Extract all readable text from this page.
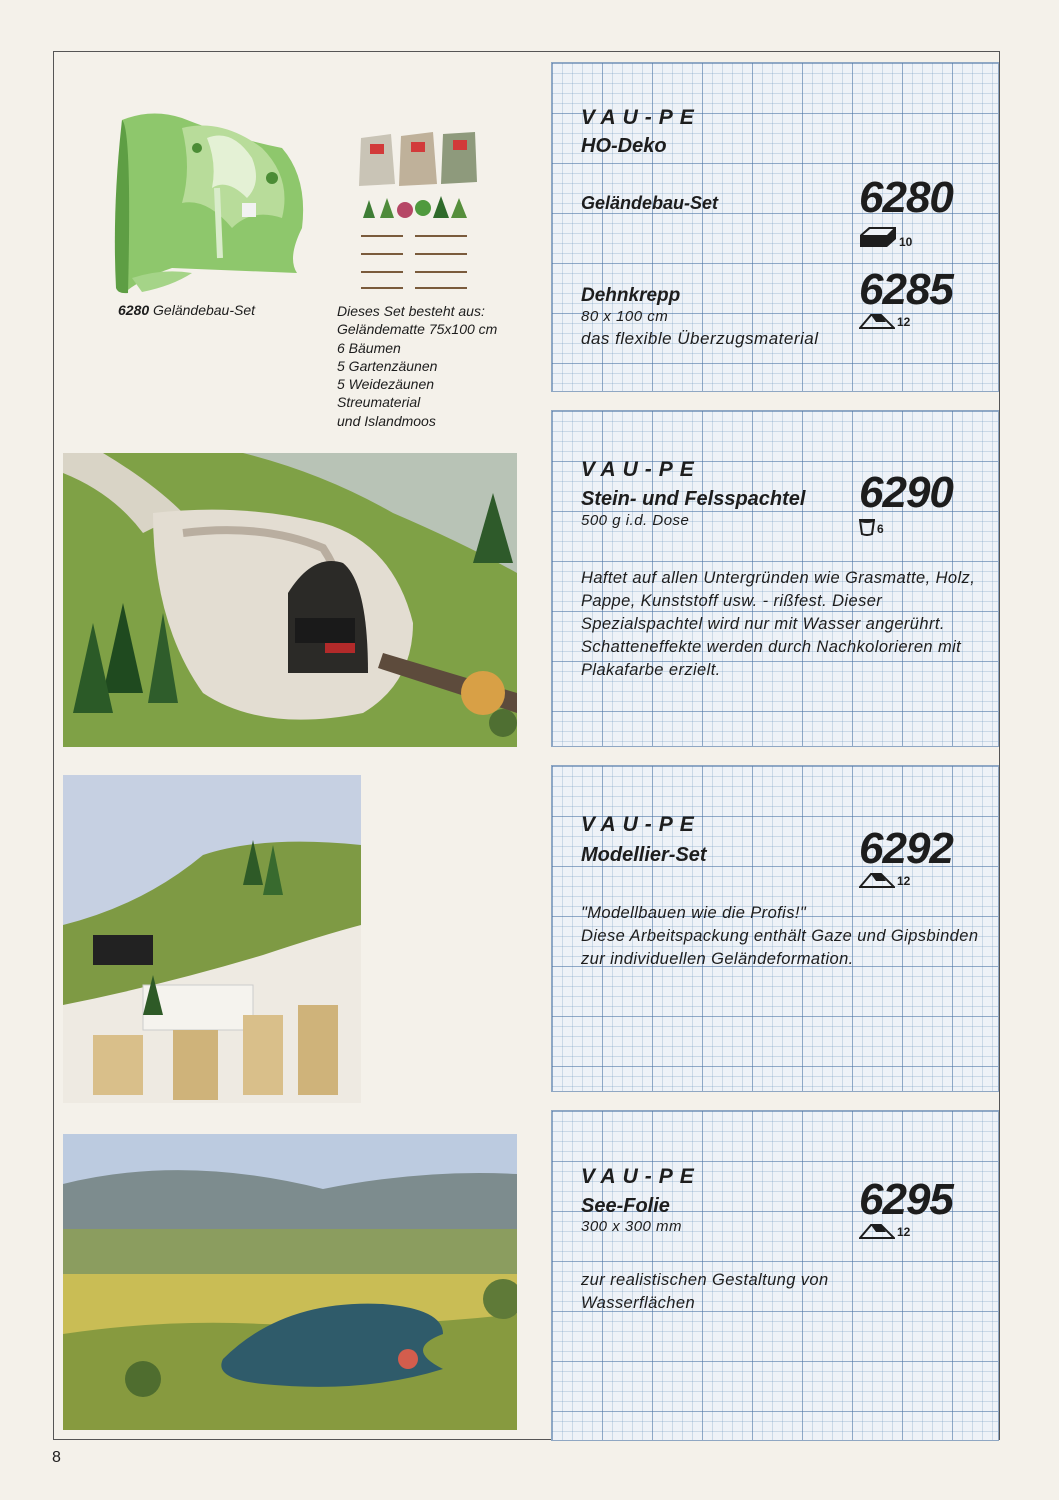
6280 Geländebau-Set	Dieses Set besteht aus:
Geländematte 75x100 cm
6 Bäumen
5 Gartenzäunen
5 Weidezäunen
Streumaterial
und Islandmoos
VAU-PE
HO-Deko
Geländebau-Set	6280
10
Dehnkrepp
80 x 100 cm
das flexible Überzugsmaterial
6285
12
VAU-PE
Stein- und Felsspachtel
500 g i.d. Dose
6290
6
Haftet auf allen Untergründen wie Grasmatte, Holz, Pappe, Kunststoff usw. - rißfest. Dieser Spezialspachtel wird nur mit Wasser angerührt. Schatteneffekte werden durch Nachkolorieren mit Plakafarbe erzielt.
VAU-PE
Modellier-Set	6292
12
"Modellbauen wie die Profis!"
Diese Arbeitspackung enthält Gaze und Gipsbinden zur individuellen Geländeformation.
VAU-PE
See-Folie
300 x 300 mm
6295
12
zur realistischen Gestaltung von Wasserflächen
8
